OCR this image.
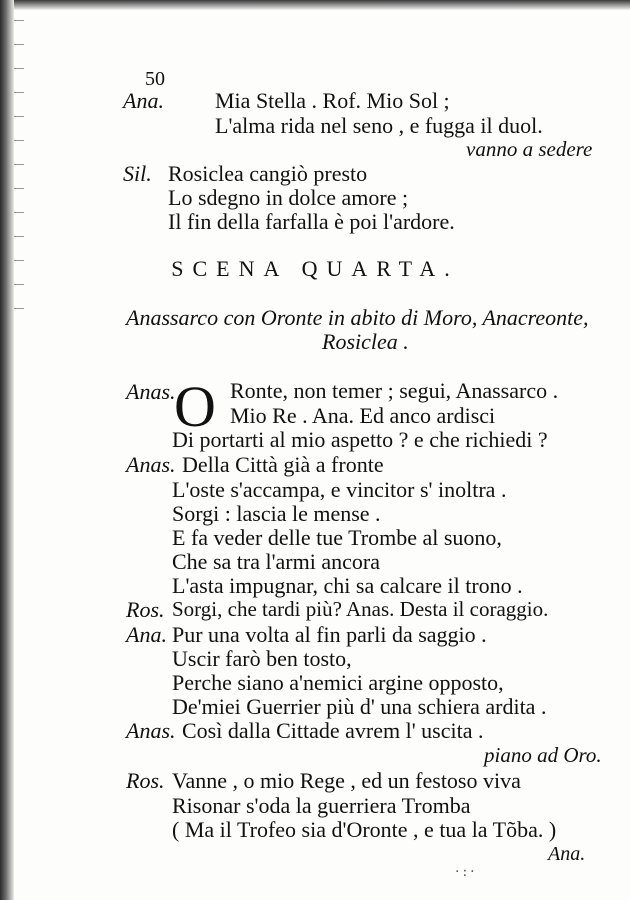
50
Ana. Mia Stella . Rof. Mio Sol ;
L'alma rida nel seno , e fugga il duol.
vanno a sedere
Sil. Rosiclea cangiò presto
Lo sdegno in dolce amore ;
Il fin della farfalla è poi l'ardore.
SCENA QUARTA.
Anassarco con Oronte in abito di Moro, Anacreonte,
Rosiclea .
O
Anas. Ronte, non temer ; segui, Anassarco .
Mio Re . Ana. Ed anco ardisci
Di portarti al mio aspetto ? e che richiedi ?
Anas. Della Città già a fronte
L'oste s'accampa, e vincitor s' inoltra .
Sorgi : lascia le mense .
E fa veder delle tue Trombe al suono,
Che sa tra l'armi ancora
L'asta impugnar, chi sa calcare il trono .
Ros. Sorgi, che tardi più? Anas. Desta il coraggio.
Ana. Pur una volta al fin parli da saggio .
Uscir farò ben tosto,
Perche siano a'nemici argine opposto,
De'miei Guerrier più d' una schiera ardita .
Anas. Così dalla Cittade avrem l' uscita .
piano ad Oro.
Ros. Vanne , o mio Rege , ed un festoso viva
Risonar s'oda la guerriera Tromba
( Ma il Trofeo sia d'Oronte , e tua la Tõba. )
Ana.
·:·
